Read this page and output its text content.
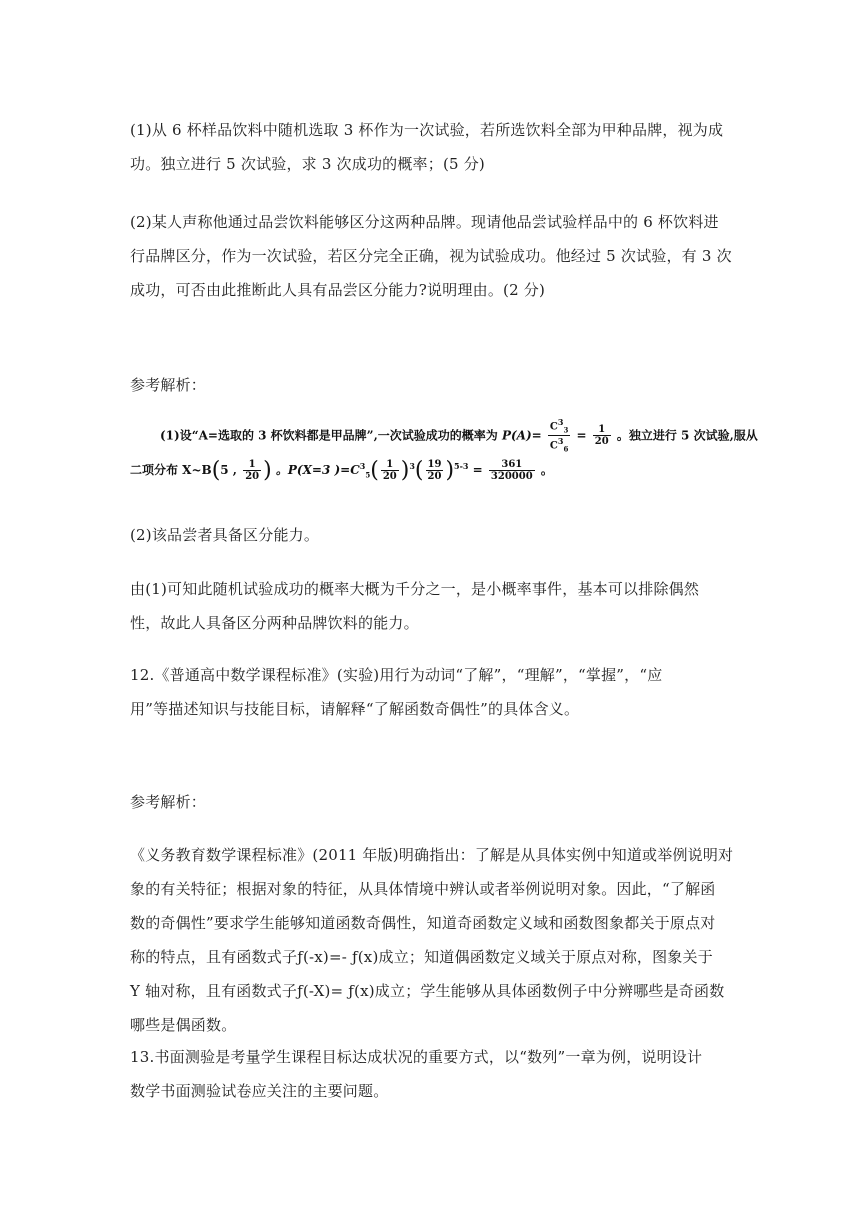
(1)从 6 杯样品饮料中随机选取 3 杯作为一次试验，若所选饮料全部为甲种品牌，视为成
功。独立进行 5 次试验，求 3 次成功的概率；(5 分)
(2)某人声称他通过品尝饮料能够区分这两种品牌。现请他品尝试验样品中的 6 杯饮料进
行品牌区分，作为一次试验，若区分完全正确，视为试验成功。他经过 5 次试验，有 3 次
成功，可否由此推断此人具有品尝区分能力?说明理由。(2 分)
参考解析：
(1)设“A=选取的 3 杯饮料都是甲品牌”,一次试验成功的概率为 $P(A)= \frac{C^3_3}{C^3_6} = \frac{1}{20}$ 。独立进行 5 次试验,服从
二项分布 X~B(5 , $\frac{1}{20}$ ) 。P(X=3 )$=C^3_5( \frac{1}{20} )^3( \frac{19}{20} )^{5-3} = \frac{361}{320000}$ 。
(2)该品尝者具备区分能力。
由(1)可知此随机试验成功的概率大概为千分之一，是小概率事件，基本可以排除偶然
性，故此人具备区分两种品牌饮料的能力。
12.《普通高中数学课程标准》(实验)用行为动词“了解”，“理解”，“掌握”，“应
用”等描述知识与技能目标，请解释“了解函数奇偶性”的具体含义。
参考解析：
《义务教育数学课程标准》(2011 年版)明确指出：了解是从具体实例中知道或举例说明对
象的有关特征；根据对象的特征，从具体情境中辨认或者举例说明对象。因此，“了解函
数的奇偶性”要求学生能够知道函数奇偶性，知道奇函数定义域和函数图象都关于原点对
称的特点，且有函数式子ƒ(-x)=- ƒ(x)成立；知道偶函数定义域关于原点对称，图象关于
Y 轴对称，且有函数式子ƒ(-X)= ƒ(x)成立；学生能够从具体函数例子中分辨哪些是奇函数
哪些是偶函数。
13.书面测验是考量学生课程目标达成状况的重要方式，以“数列”一章为例，说明设计
数学书面测验试卷应关注的主要问题。
